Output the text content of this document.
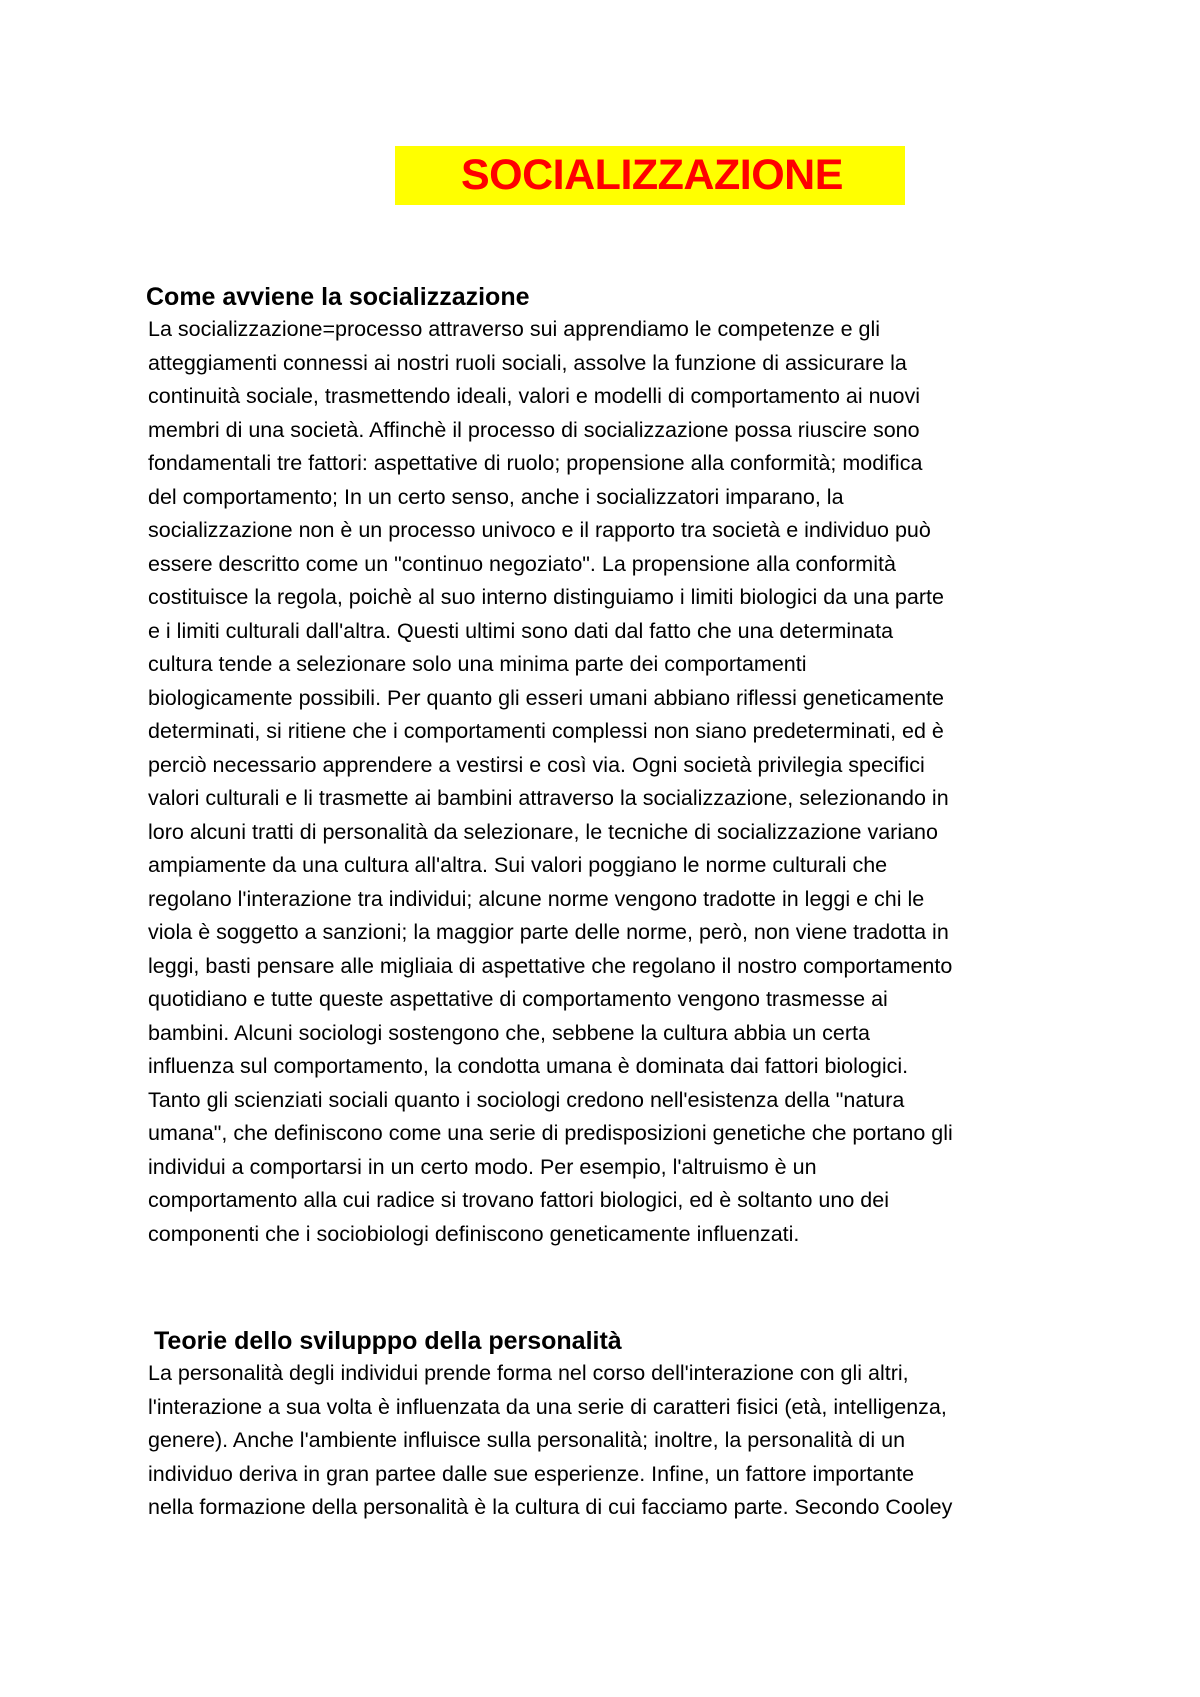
SOCIALIZZAZIONE
Come avviene la socializzazione

La socializzazione=processo attraverso sui apprendiamo le competenze e gli
atteggiamenti connessi ai nostri ruoli sociali, assolve la funzione di assicurare la
continuità sociale, trasmettendo ideali, valori e modelli di comportamento ai nuovi
membri di una società. Affinchè il processo di socializzazione possa riuscire sono
fondamentali tre fattori: aspettative di ruolo; propensione alla conformità; modifica
del comportamento; In un certo senso, anche i socializzatori imparano, la
socializzazione non è un processo univoco e il rapporto tra società e individuo può
essere descritto come un "continuo negoziato". La propensione alla conformità
costituisce la regola, poichè al suo interno distinguiamo i limiti biologici da una parte
e i limiti culturali dall'altra. Questi ultimi sono dati dal fatto che una determinata
cultura tende a selezionare solo una minima parte dei comportamenti
biologicamente possibili. Per quanto gli esseri umani abbiano riflessi geneticamente
determinati, si ritiene che i comportamenti complessi non siano predeterminati, ed è
perciò necessario apprendere a vestirsi e così via. Ogni società privilegia specifici
valori culturali e li trasmette ai bambini attraverso la socializzazione, selezionando in
loro alcuni tratti di personalità da selezionare, le tecniche di socializzazione variano
ampiamente da una cultura all'altra. Sui valori poggiano le norme culturali che
regolano l'interazione tra individui; alcune norme vengono tradotte in leggi e chi le
viola è soggetto a sanzioni; la maggior parte delle norme, però, non viene tradotta in
leggi, basti pensare alle migliaia di aspettative che regolano il nostro comportamento
quotidiano e tutte queste aspettative di comportamento vengono trasmesse ai
bambini. Alcuni sociologi sostengono che, sebbene la cultura abbia un certa
influenza sul comportamento, la condotta umana è dominata dai fattori biologici.
Tanto gli scienziati sociali quanto i sociologi credono nell'esistenza della "natura
umana", che definiscono come una serie di predisposizioni genetiche che portano gli
individui a comportarsi in un certo modo. Per esempio, l'altruismo è un
comportamento alla cui radice si trovano fattori biologici, ed è soltanto uno dei
componenti che i sociobiologi definiscono geneticamente influenzati.

Teorie dello svilupppo della personalità

La personalità degli individui prende forma nel corso dell'interazione con gli altri,
l'interazione a sua volta è influenzata da una serie di caratteri fisici (età, intelligenza,
genere). Anche l'ambiente influisce sulla personalità; inoltre, la personalità di un
individuo deriva in gran partee dalle sue esperienze. Infine, un fattore importante
nella formazione della personalità è la cultura di cui facciamo parte. Secondo Cooley
